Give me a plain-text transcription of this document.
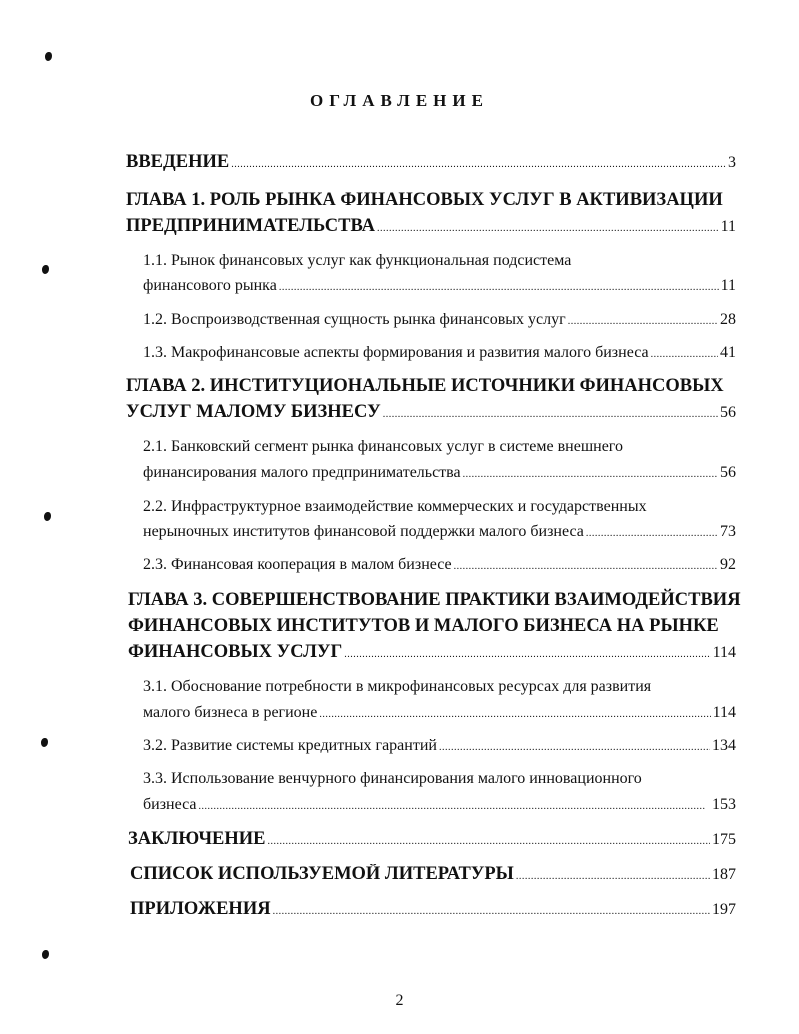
ОГЛАВЛЕНИЕ
ВВЕДЕНИЕ . . .	3
ГЛАВА 1. РОЛЬ РЫНКА ФИНАНСОВЫХ УСЛУГ В АКТИВИЗАЦИИ
ПРЕДПРИНИМАТЕЛЬСТВА . . .	11
1.1. Рынок финансовых услуг как функциональная подсистема
финансового рынка . . .	11
1.2. Воспроизводственная сущность рынка финансовых услуг . . .	28
1.3. Макрофинансовые аспекты формирования и развития малого бизнеса . . .	41
ГЛАВА 2. ИНСТИТУЦИОНАЛЬНЫЕ ИСТОЧНИКИ ФИНАНСОВЫХ
УСЛУГ МАЛОМУ БИЗНЕСУ . . .	56
2.1. Банковский сегмент рынка финансовых услуг в системе внешнего
финансирования малого предпринимательства . . .	56
2.2. Инфраструктурное взаимодействие коммерческих и государственных
нерыночных институтов финансовой поддержки малого бизнеса . . .	73
2.3. Финансовая кооперация в малом бизнесе . . .	92
ГЛАВА 3. СОВЕРШЕНСТВОВАНИЕ ПРАКТИКИ ВЗАИМОДЕЙСТВИЯ
ФИНАНСОВЫХ ИНСТИТУТОВ И МАЛОГО БИЗНЕСА НА РЫНКЕ
ФИНАНСОВЫХ УСЛУГ . . .	114
3.1. Обоснование потребности в микрофинансовых ресурсах для развития
малого бизнеса в регионе . . .	114
3.2. Развитие системы кредитных гарантий . . .	134
3.3. Использование венчурного финансирования малого инновационного
бизнеса . . .	153
ЗАКЛЮЧЕНИЕ . . .	175
СПИСОК ИСПОЛЬЗУЕМОЙ ЛИТЕРАТУРЫ . . .	187
ПРИЛОЖЕНИЯ . . .	197
2
